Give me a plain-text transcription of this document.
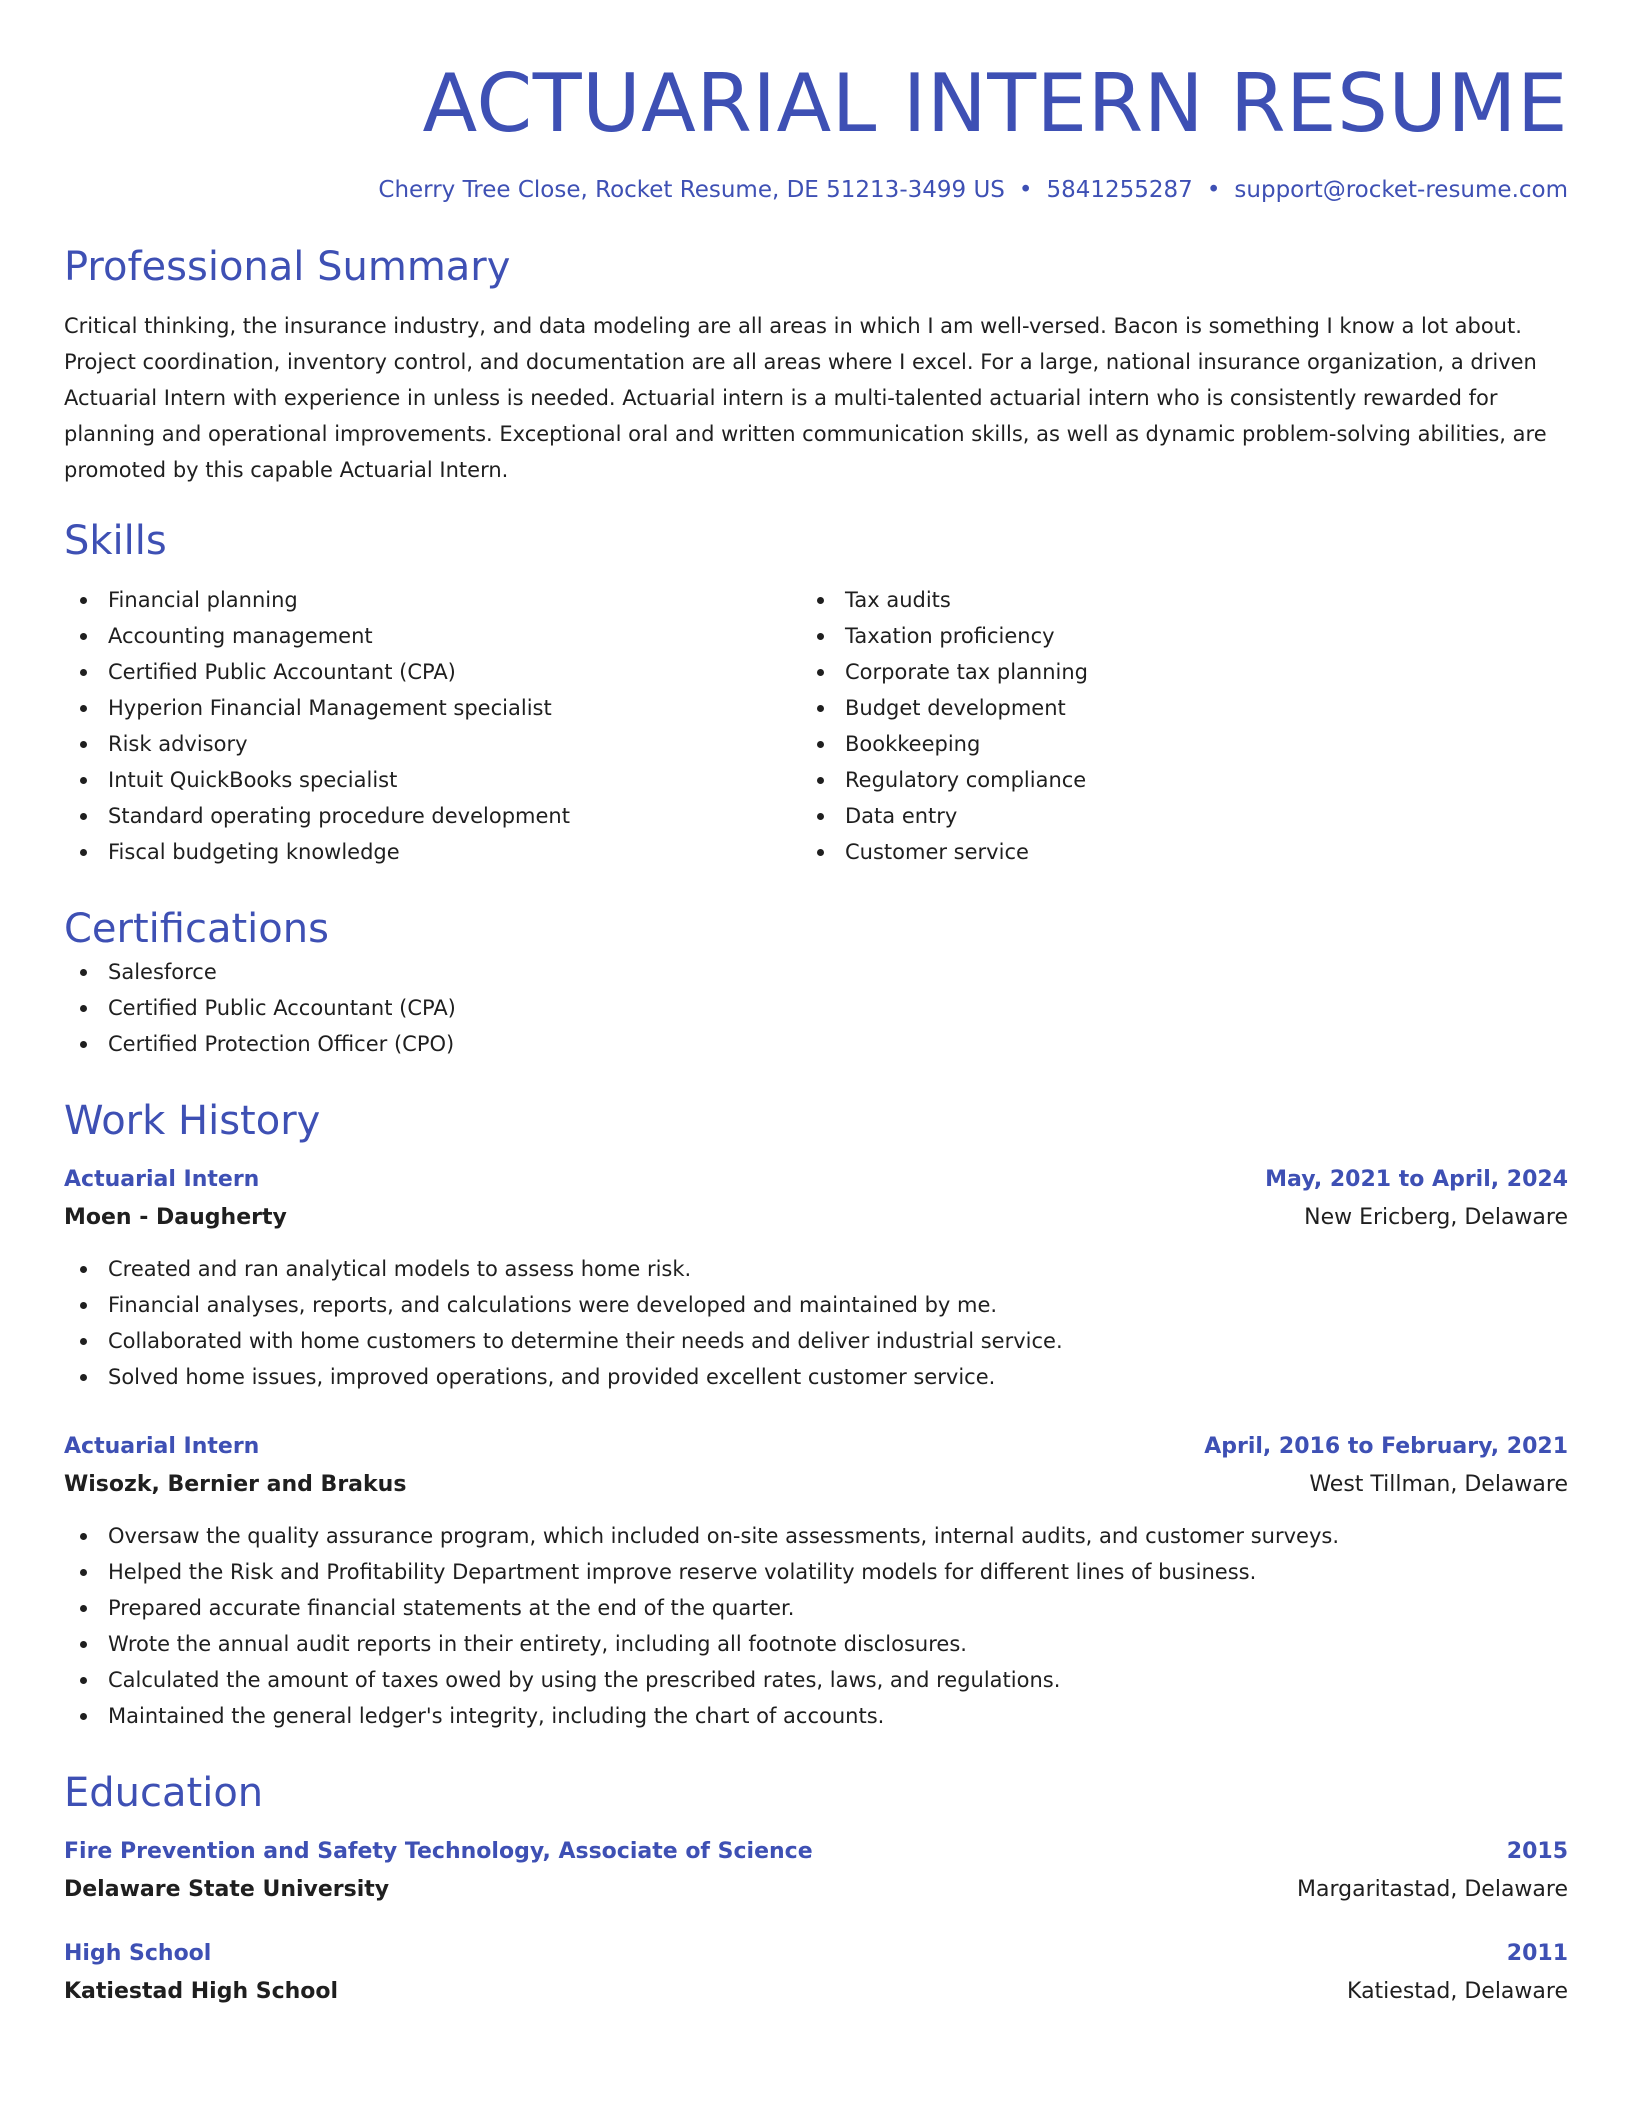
ACTUARIAL INTERN RESUME
Cherry Tree Close, Rocket Resume, DE 51213-3499 US • 5841255287 • support@rocket-resume.com
Professional Summary

Critical thinking, the insurance industry, and data modeling are all areas in which I am well-versed. Bacon is something I know a lot about. Project coordination, inventory control, and documentation are all areas where I excel. For a large, national insurance organization, a driven Actuarial Intern with experience in unless is needed. Actuarial intern is a multi-talented actuarial intern who is consistently rewarded for planning and operational improvements. Exceptional oral and written communication skills, as well as dynamic problem-solving abilities, are promoted by this capable Actuarial Intern.

Skills
Financial planning
Accounting management
Certified Public Accountant (CPA)
Hyperion Financial Management specialist
Risk advisory
Intuit QuickBooks specialist
Standard operating procedure development
Fiscal budgeting knowledge
Tax audits
Taxation proficiency
Corporate tax planning
Budget development
Bookkeeping
Regulatory compliance
Data entry
Customer service
Certifications
Salesforce
Certified Public Accountant (CPA)
Certified Protection Officer (CPO)
Work History
Actuarial Intern	May, 2021 to April, 2024
Moen - Daugherty	New Ericberg, Delaware
Created and ran analytical models to assess home risk.
Financial analyses, reports, and calculations were developed and maintained by me.
Collaborated with home customers to determine their needs and deliver industrial service.
Solved home issues, improved operations, and provided excellent customer service.
Actuarial Intern	April, 2016 to February, 2021
Wisozk, Bernier and Brakus	West Tillman, Delaware
Oversaw the quality assurance program, which included on-site assessments, internal audits, and customer surveys.
Helped the Risk and Profitability Department improve reserve volatility models for different lines of business.
Prepared accurate financial statements at the end of the quarter.
Wrote the annual audit reports in their entirety, including all footnote disclosures.
Calculated the amount of taxes owed by using the prescribed rates, laws, and regulations.
Maintained the general ledger's integrity, including the chart of accounts.
Education
Fire Prevention and Safety Technology, Associate of Science	2015
Delaware State University	Margaritastad, Delaware
High School	2011
Katiestad High School	Katiestad, Delaware
